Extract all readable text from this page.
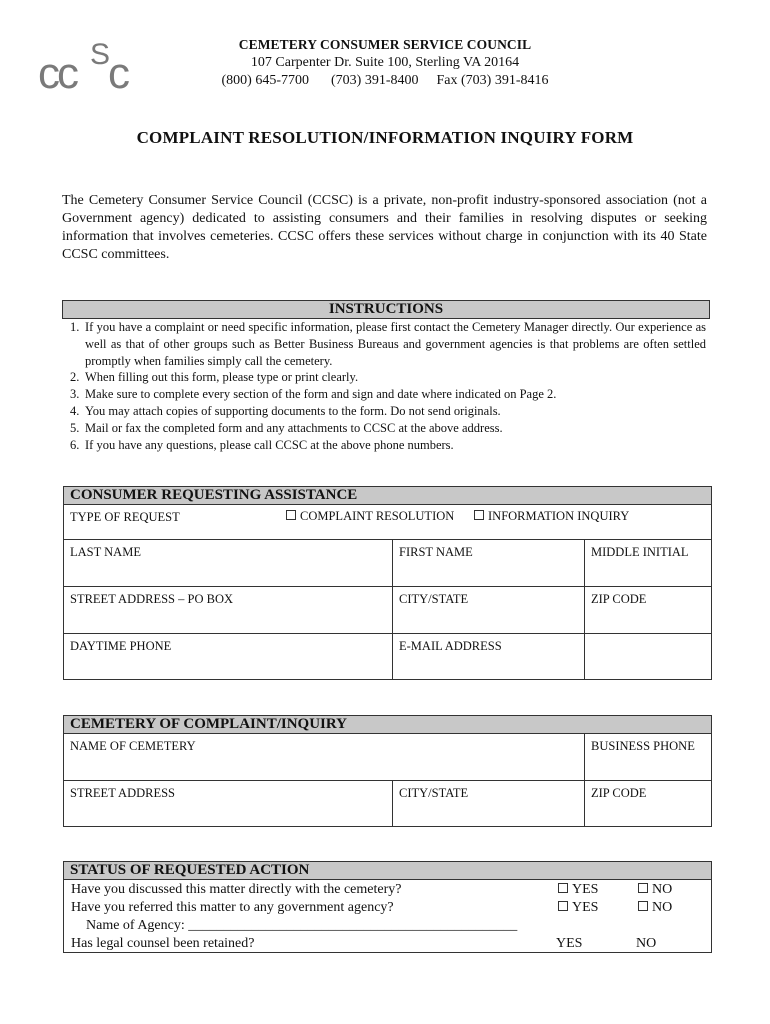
cc S
c
CEMETERY CONSUMER SERVICE COUNCIL
107 Carpenter Dr. Suite 100, Sterling VA 20164
(800) 645-7700 (703) 391-8400 Fax (703) 391-8416
COMPLAINT RESOLUTION/INFORMATION INQUIRY FORM
The Cemetery Consumer Service Council (CCSC) is a private, non-profit industry-sponsored association (not a Government agency) dedicated to assisting consumers and their families in resolving disputes or seeking information that involves cemeteries. CCSC offers these services without charge in conjunction with its 40 State CCSC committees.
INSTRUCTIONS
1. If you have a complaint or need specific information, please first contact the Cemetery Manager directly. Our experience as well as that of other groups such as Better Business Bureaus and government agencies is that problems are often settled promptly when families simply call the cemetery.
2. When filling out this form, please type or print clearly.
3. Make sure to complete every section of the form and sign and date where indicated on Page 2.
4. You may attach copies of supporting documents to the form. Do not send originals.
5. Mail or fax the completed form and any attachments to CCSC at the above address.
6. If you have any questions, please call CCSC at the above phone numbers.
CONSUMER REQUESTING ASSISTANCE
TYPE OF REQUEST	COMPLAINT RESOLUTION	INFORMATION INQUIRY
LAST NAME	FIRST NAME	MIDDLE INITIAL
STREET ADDRESS – PO BOX	CITY/STATE	ZIP CODE
DAYTIME PHONE	E-MAIL ADDRESS
CEMETERY OF COMPLAINT/INQUIRY
NAME OF CEMETERY	BUSINESS PHONE
STREET ADDRESS	CITY/STATE	ZIP CODE
STATUS OF REQUESTED ACTION
Have you discussed this matter directly with the cemetery?	YES	NO
Have you referred this matter to any government agency?	YES	NO
Name of Agency: _______________________________________________
Has legal counsel been retained?	YES	NO
